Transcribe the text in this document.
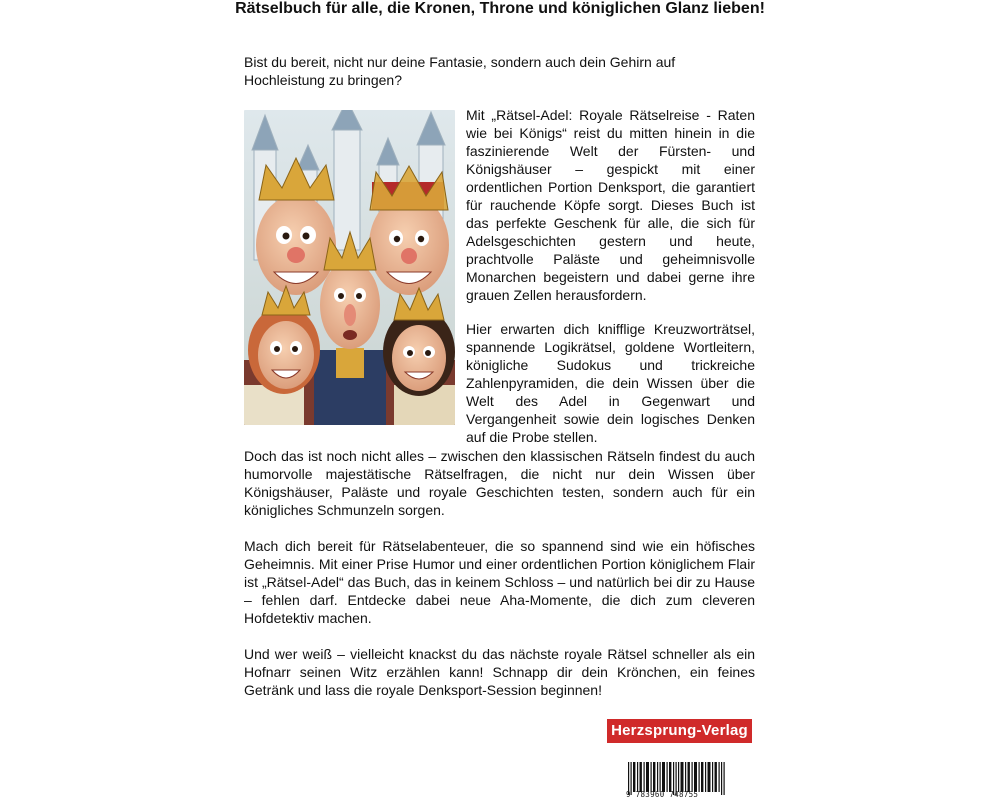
Rätselbuch für alle, die Kronen, Throne und königlichen Glanz lieben!

Bist du bereit, nicht nur deine Fantasie, sondern auch dein Gehirn auf Hochleistung zu bringen?

Mit „Rätsel-Adel: Royale Rätselreise - Raten wie bei Königs“ reist du mitten hinein in die faszinierende Welt der Fürsten- und Königshäuser – gespickt mit einer ordentlichen Portion Denksport, die garantiert für rauchende Köpfe sorgt. Dieses Buch ist das perfekte Geschenk für alle, die sich für Adelsgeschichten gestern und heute, prachtvolle Paläste und geheimnisvolle Monarchen begeistern und dabei gerne ihre grauen Zellen herausfordern.

Hier erwarten dich knifflige Kreuzworträtsel, spannende Logikrätsel, goldene Wortleitern, königliche Sudokus und trickreiche Zahlenpyramiden, die dein Wissen über die Welt des Adel in Gegenwart und Vergangenheit sowie dein logisches Denken auf die Probe stellen.

Doch das ist noch nicht alles – zwischen den klassischen Rätseln findest du auch humorvolle majestätische Rätselfragen, die nicht nur dein Wissen über Königshäuser, Paläste und royale Geschichten testen, sondern auch für ein königliches Schmunzeln sorgen.

Mach dich bereit für Rätselabenteuer, die so spannend sind wie ein höfisches Geheimnis. Mit einer Prise Humor und einer ordentlichen Portion königlichem Flair ist „Rätsel-Adel“ das Buch, das in keinem Schloss – und natürlich bei dir zu Hause – fehlen darf. Entdecke dabei neue Aha-Momente, die dich zum cleveren Hofdetektiv machen.

Und wer weiß – vielleicht knackst du das nächste royale Rätsel schneller als ein Hofnarr seinen Witz erzählen kann! Schnapp dir dein Krönchen, ein feines Getränk und lass die royale Denksport-Session beginnen!

Herzsprung-Verlag
9 783960 748755
